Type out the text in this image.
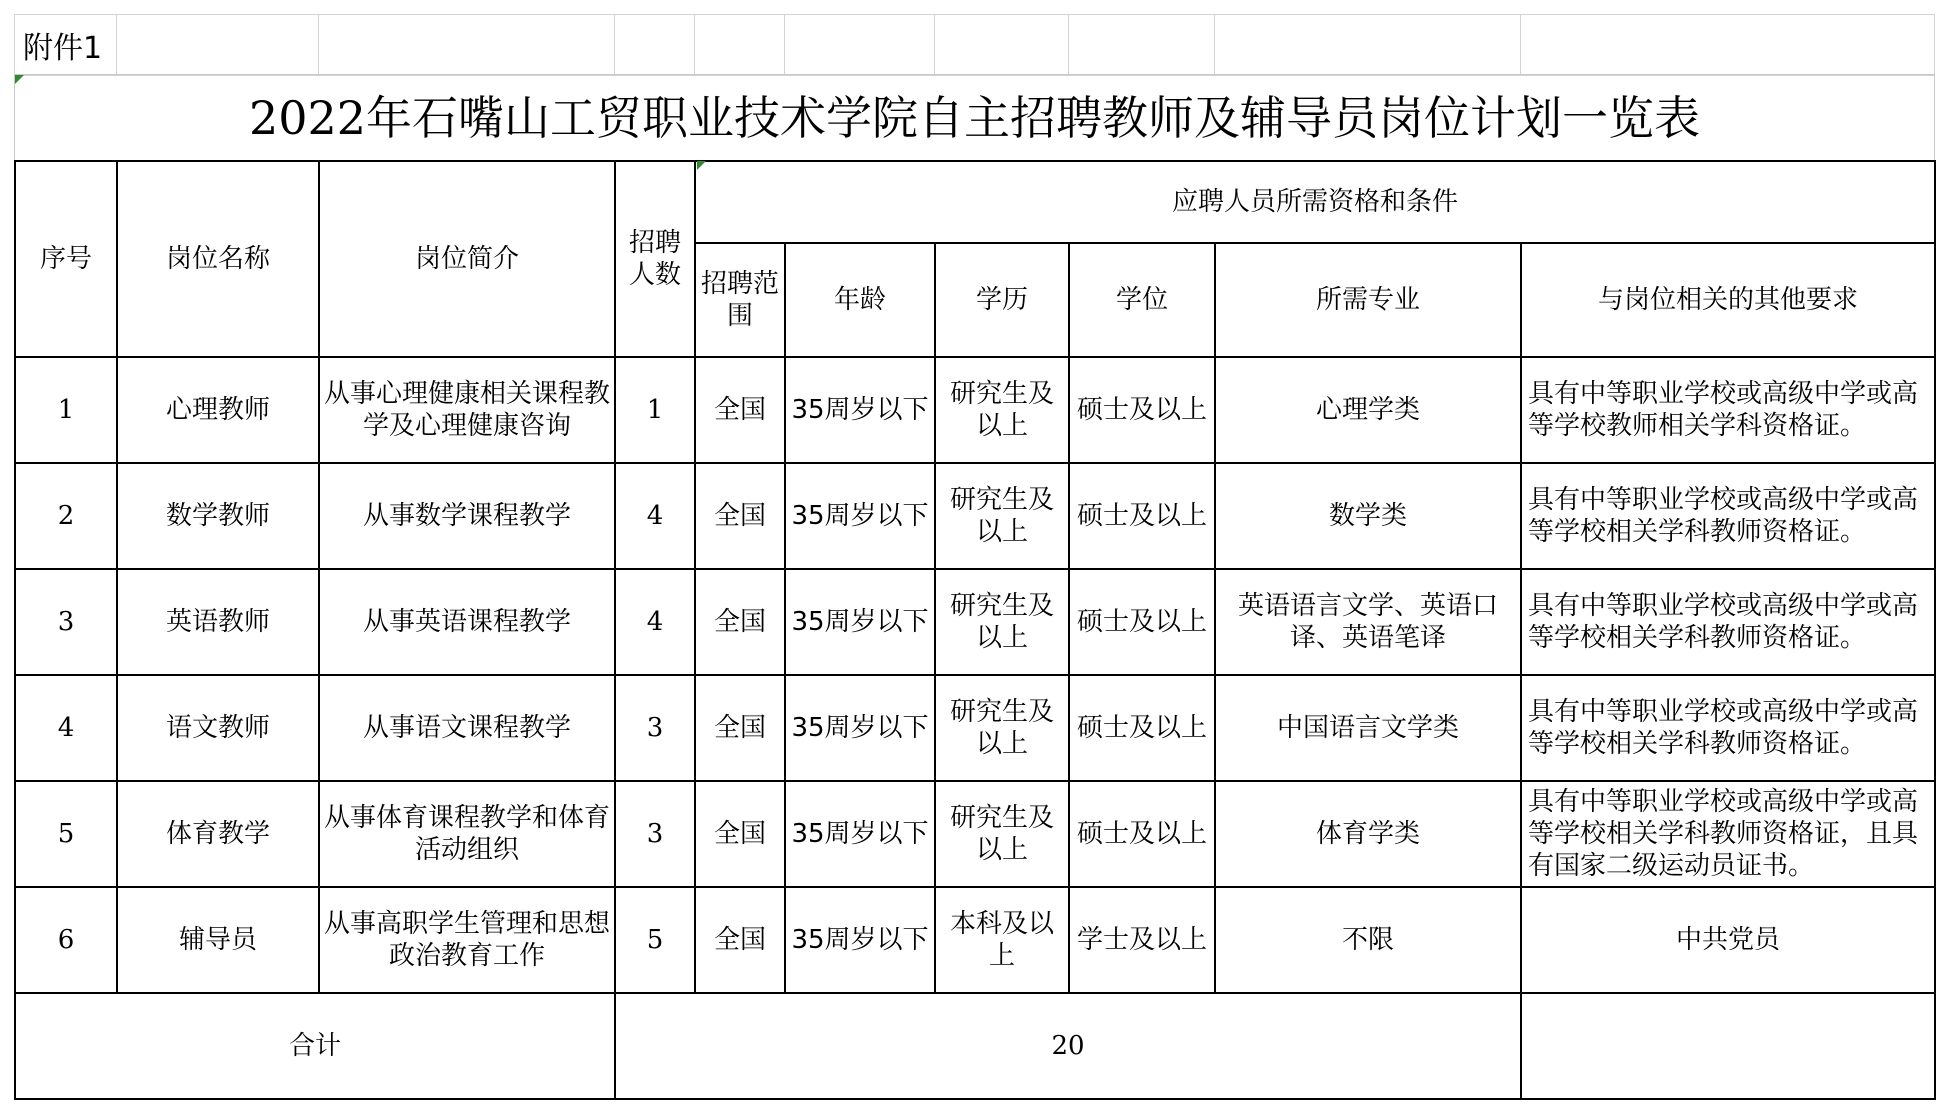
附件1									
2022年石嘴山工贸职业技术学院自主招聘教师及辅导员岗位计划一览表
序号	岗位名称	岗位简介	招聘人数	应聘人员所需资格和条件					
				招聘范围	年龄	学历	学位	所需专业	与岗位相关的其他要求
1	心理教师	从事心理健康相关课程教学及心理健康咨询	1	全国	35周岁以下	研究生及以上	硕士及以上	心理学类	具有中等职业学校或高级中学或高等学校教师相关学科资格证。
2	数学教师	从事数学课程教学	4	全国	35周岁以下	研究生及以上	硕士及以上	数学类	具有中等职业学校或高级中学或高等学校相关学科教师资格证。
3	英语教师	从事英语课程教学	4	全国	35周岁以下	研究生及以上	硕士及以上	英语语言文学、英语口译、英语笔译	具有中等职业学校或高级中学或高等学校相关学科教师资格证。
4	语文教师	从事语文课程教学	3	全国	35周岁以下	研究生及以上	硕士及以上	中国语言文学类	具有中等职业学校或高级中学或高等学校相关学科教师资格证。
5	体育教学	从事体育课程教学和体育活动组织	3	全国	35周岁以下	研究生及以上	硕士及以上	体育学类	具有中等职业学校或高级中学或高等学校相关学科教师资格证，且具有国家二级运动员证书。
6	辅导员	从事高职学生管理和思想政治教育工作	5	全国	35周岁以下	本科及以上	学士及以上	不限	中共党员
合计			20						
